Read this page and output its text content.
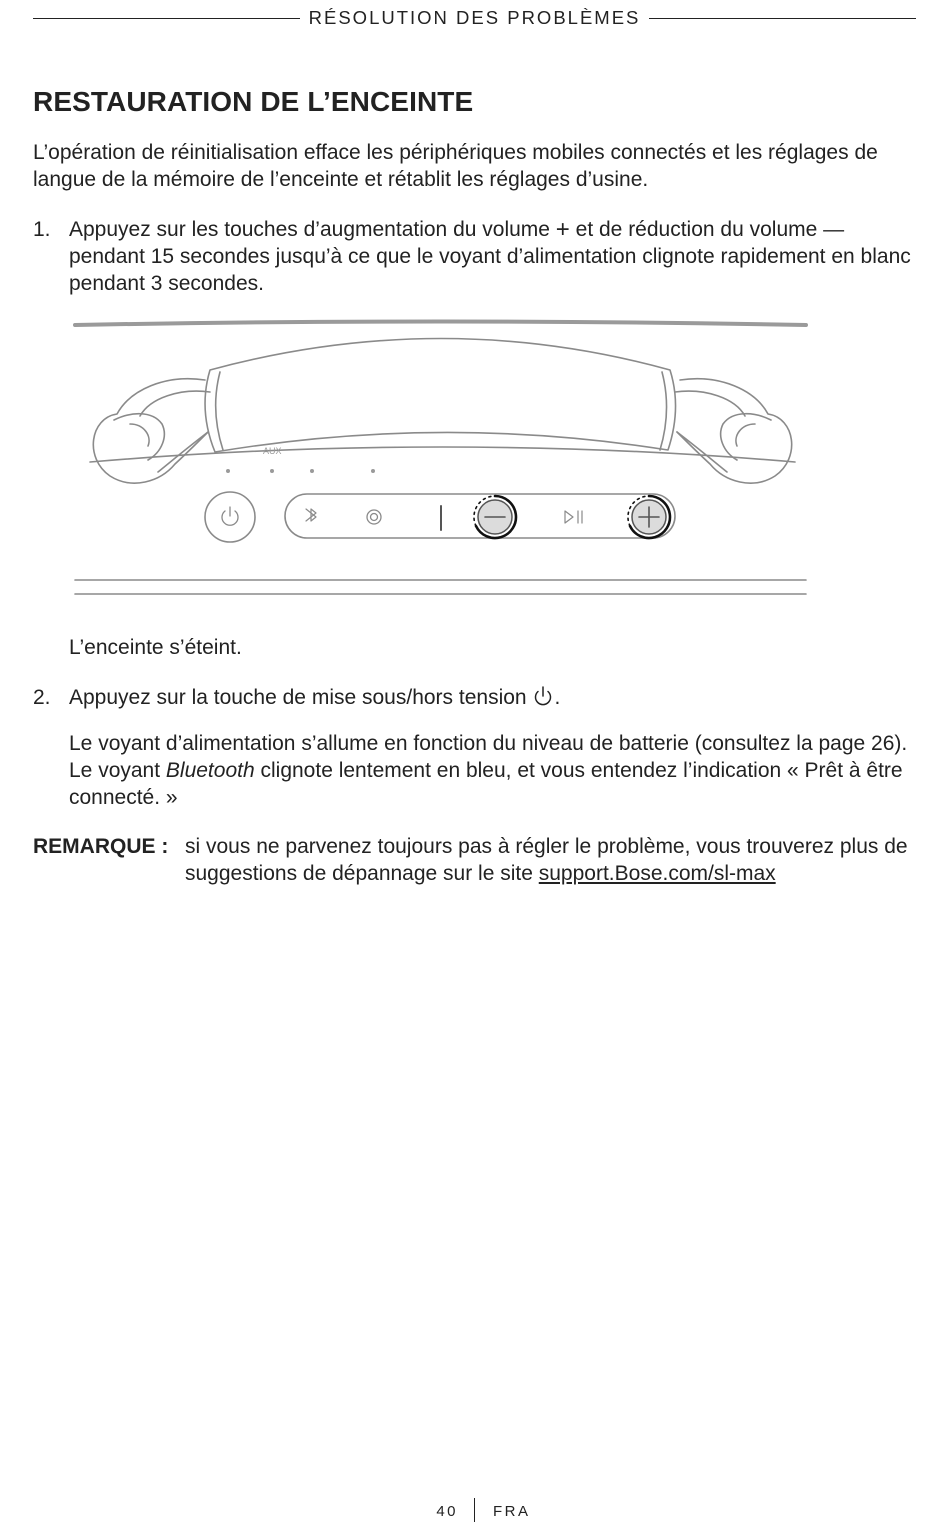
RÉSOLUTION DES PROBLÈMES
RESTAURATION DE L’ENCEINTE

L’opération de réinitialisation efface les périphériques mobiles connectés et les réglages de langue de la mémoire de l’enceinte et rétablit les réglages d’usine.

1. Appuyez sur les touches d’augmentation du volume + et de réduction du volume — pendant 15 secondes jusqu’à ce que le voyant d’alimentation clignote rapidement en blanc pendant 3 secondes.
AUX

L’enceinte s’éteint.

2. Appuyez sur la touche de mise sous/hors tension .

Le voyant d’alimentation s’allume en fonction du niveau de batterie (consultez la page 26). Le voyant Bluetooth clignote lentement en bleu, et vous entendez l’indication « Prêt à être connecté. »

REMARQUE : si vous ne parvenez toujours pas à régler le problème, vous trouverez plus de suggestions de dépannage sur le site support.Bose.com/sl-max
40 FRA
